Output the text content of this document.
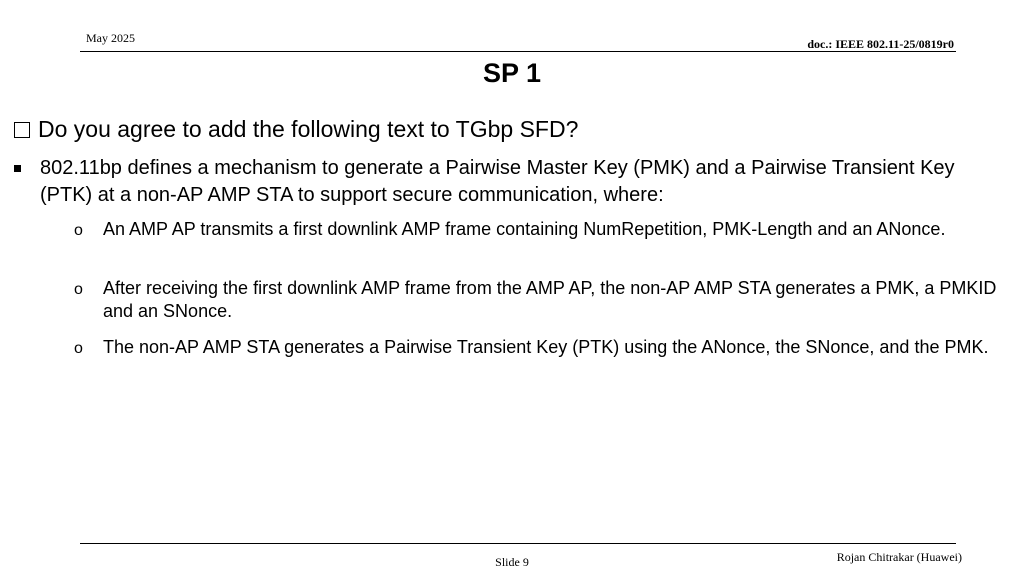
May 2025	doc.: IEEE 802.11-25/0819r0
SP 1
Do you agree to add the following text to TGbp SFD?
802.11bp defines a mechanism to generate a Pairwise Master Key (PMK) and a Pairwise Transient Key (PTK) at a non-AP AMP STA to support secure communication, where:
o An AMP AP transmits a first downlink AMP frame containing NumRepetition, PMK-Length and an ANonce.
o After receiving the first downlink AMP frame from the AMP AP, the non-AP AMP STA generates a PMK, a PMKID and an SNonce.
o The non-AP AMP STA generates a Pairwise Transient Key (PTK) using the ANonce, the SNonce, and the PMK.
Slide 9	Rojan Chitrakar (Huawei)
